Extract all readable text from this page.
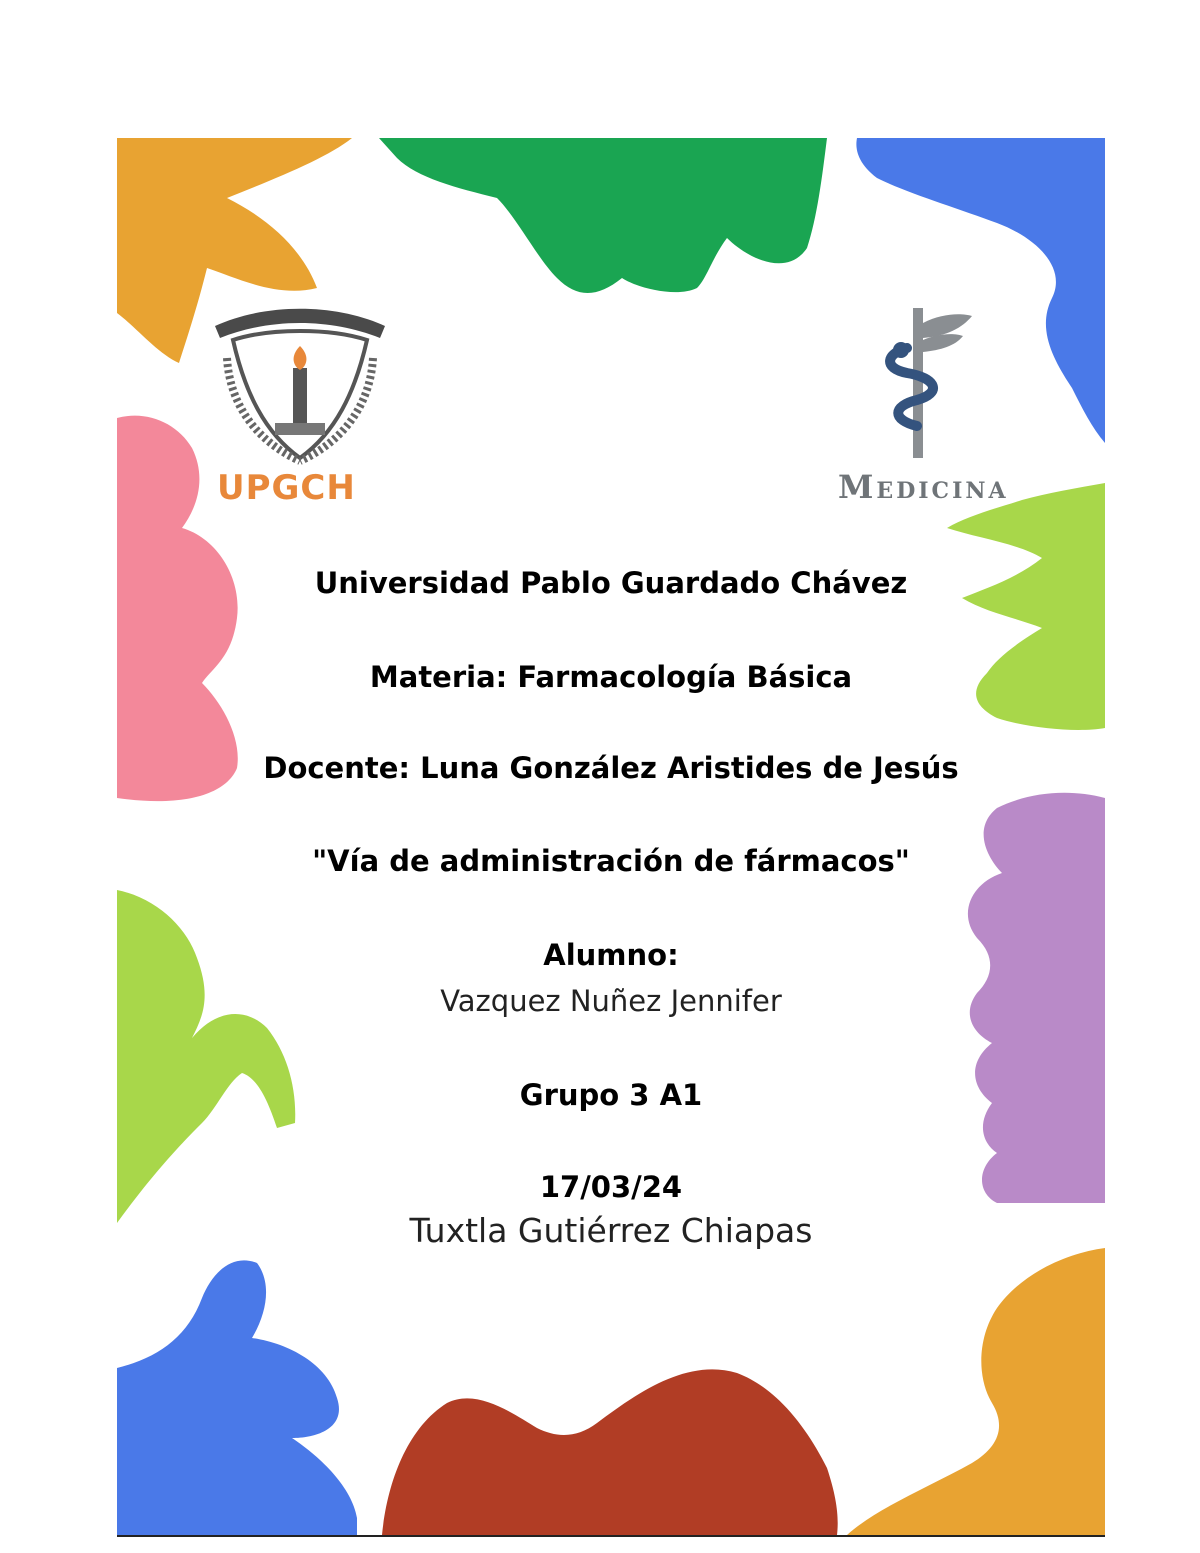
UPGCH	Medicina
Universidad Pablo Guardado Chávez
Materia: Farmacología Básica
Docente: Luna González Aristides de Jesús
"Vía de administración de fármacos"
Alumno:
Vazquez Nuñez Jennifer
Grupo 3 A1
17/03/24
Tuxtla Gutiérrez Chiapas
